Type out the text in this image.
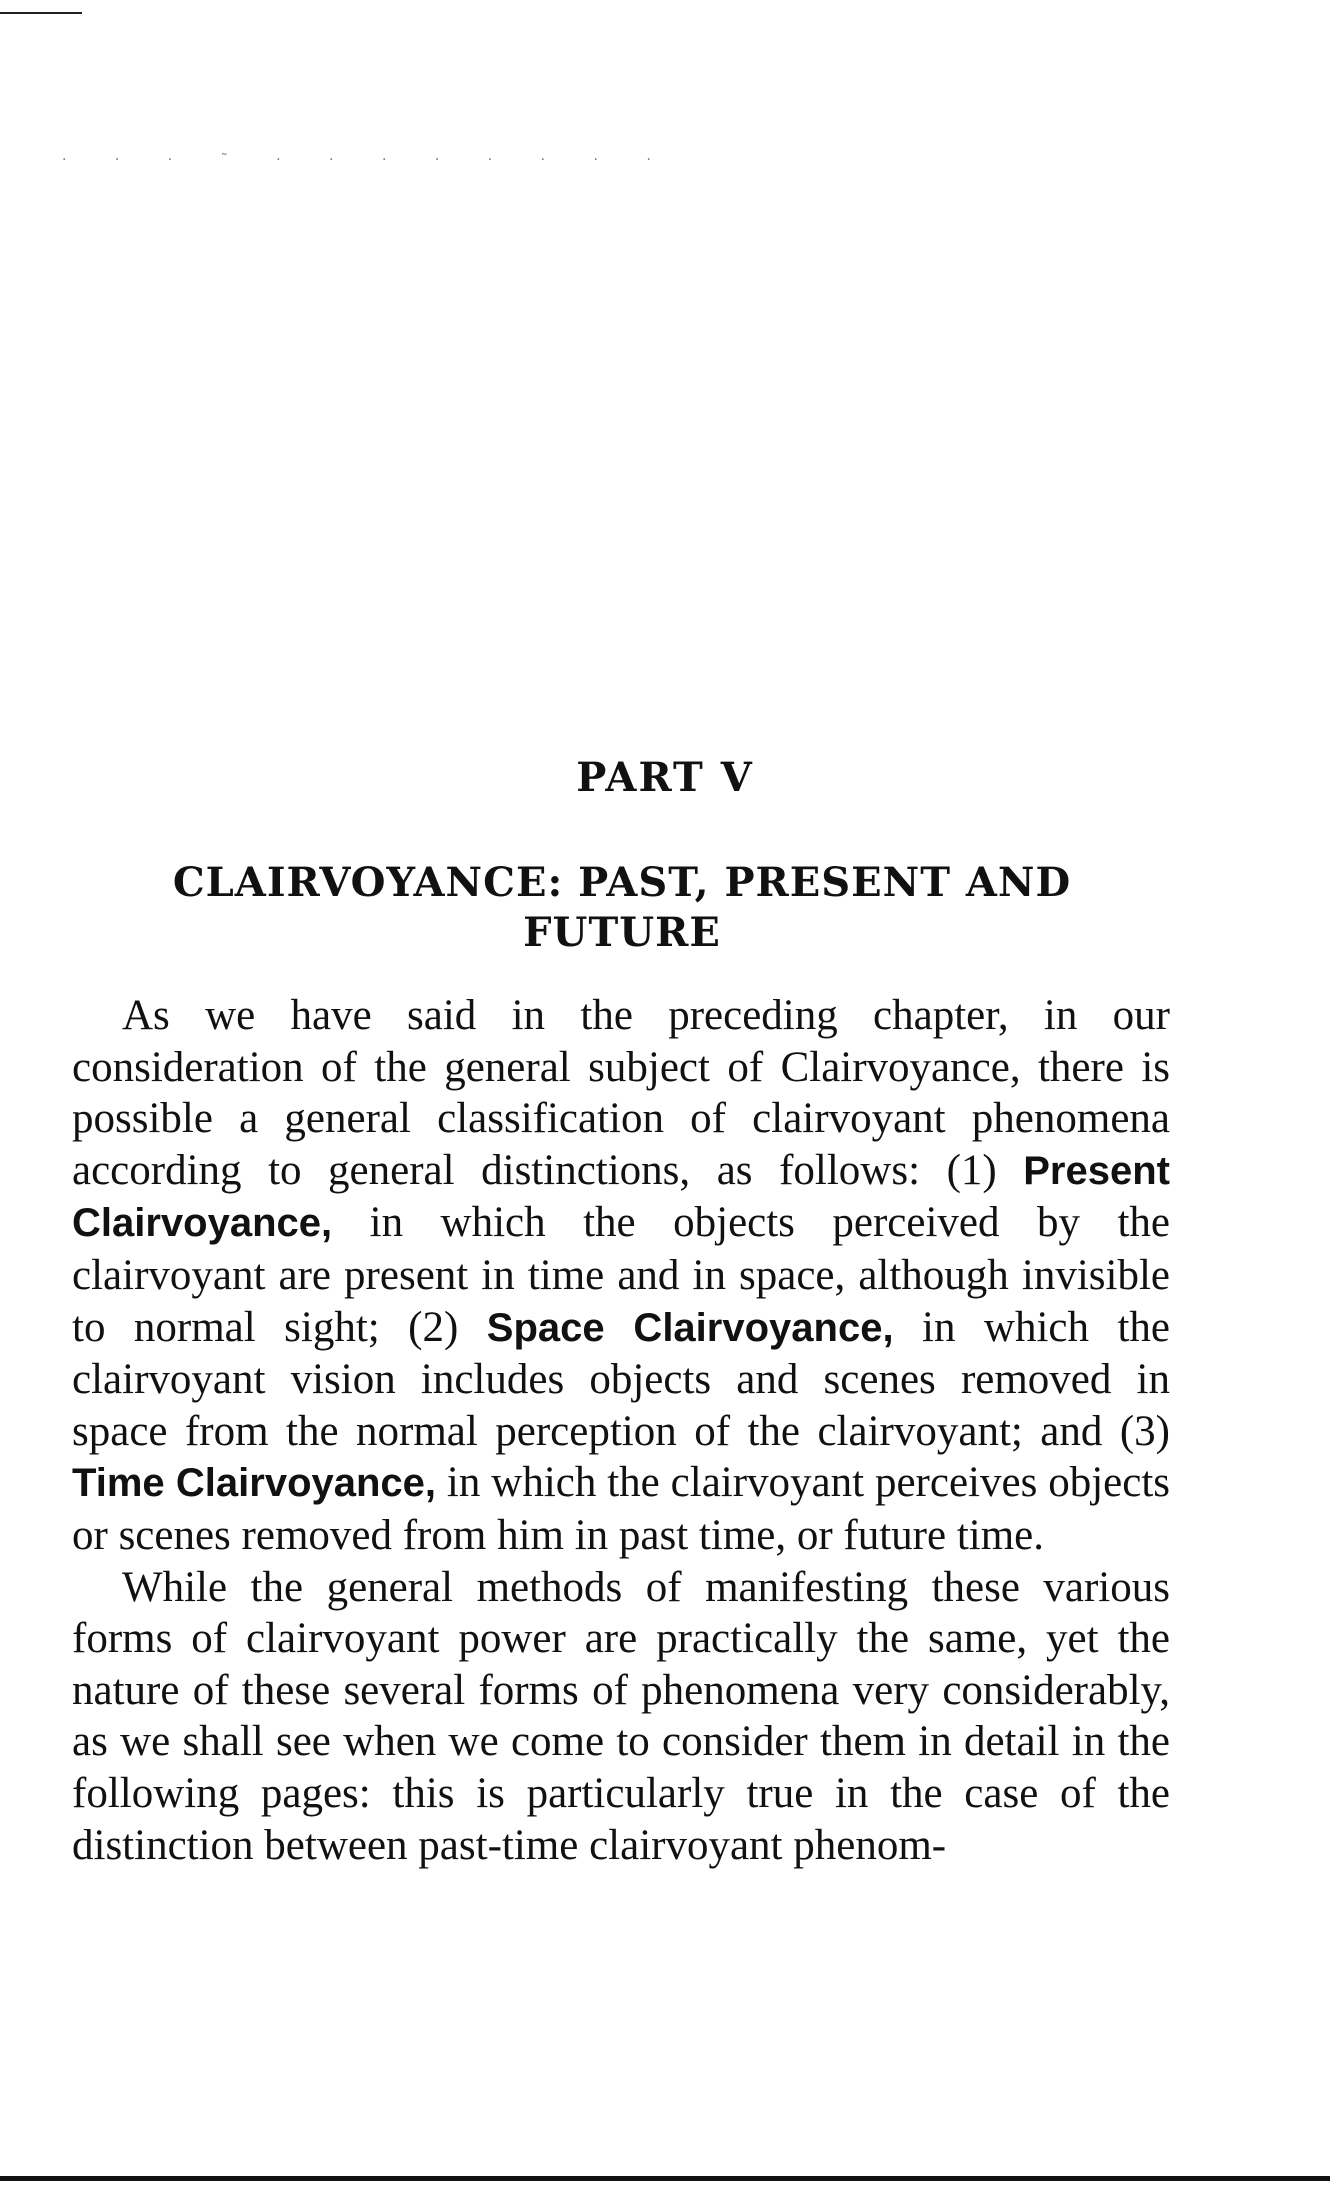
· · · ˜ · · · · · · · ·
PART V
CLAIRVOYANCE: PAST, PRESENT AND FUTURE

As we have said in the preceding chapter, in our consideration of the general subject of Clairvoyance, there is possible a general classification of clairvoyant phenomena according to general distinctions, as follows: (1) Present Clairvoyance, in which the objects perceived by the clairvoyant are present in time and in space, although invisible to normal sight; (2) Space Clairvoyance, in which the clairvoyant vision includes objects and scenes removed in space from the normal perception of the clairvoyant; and (3) Time Clairvoyance, in which the clairvoyant perceives objects or scenes removed from him in past time, or future time.

While the general methods of manifesting these various forms of clairvoyant power are practically the same, yet the nature of these several forms of phenomena very considerably, as we shall see when we come to consider them in detail in the following pages: this is particularly true in the case of the distinction between past-time clairvoyant phenom-
